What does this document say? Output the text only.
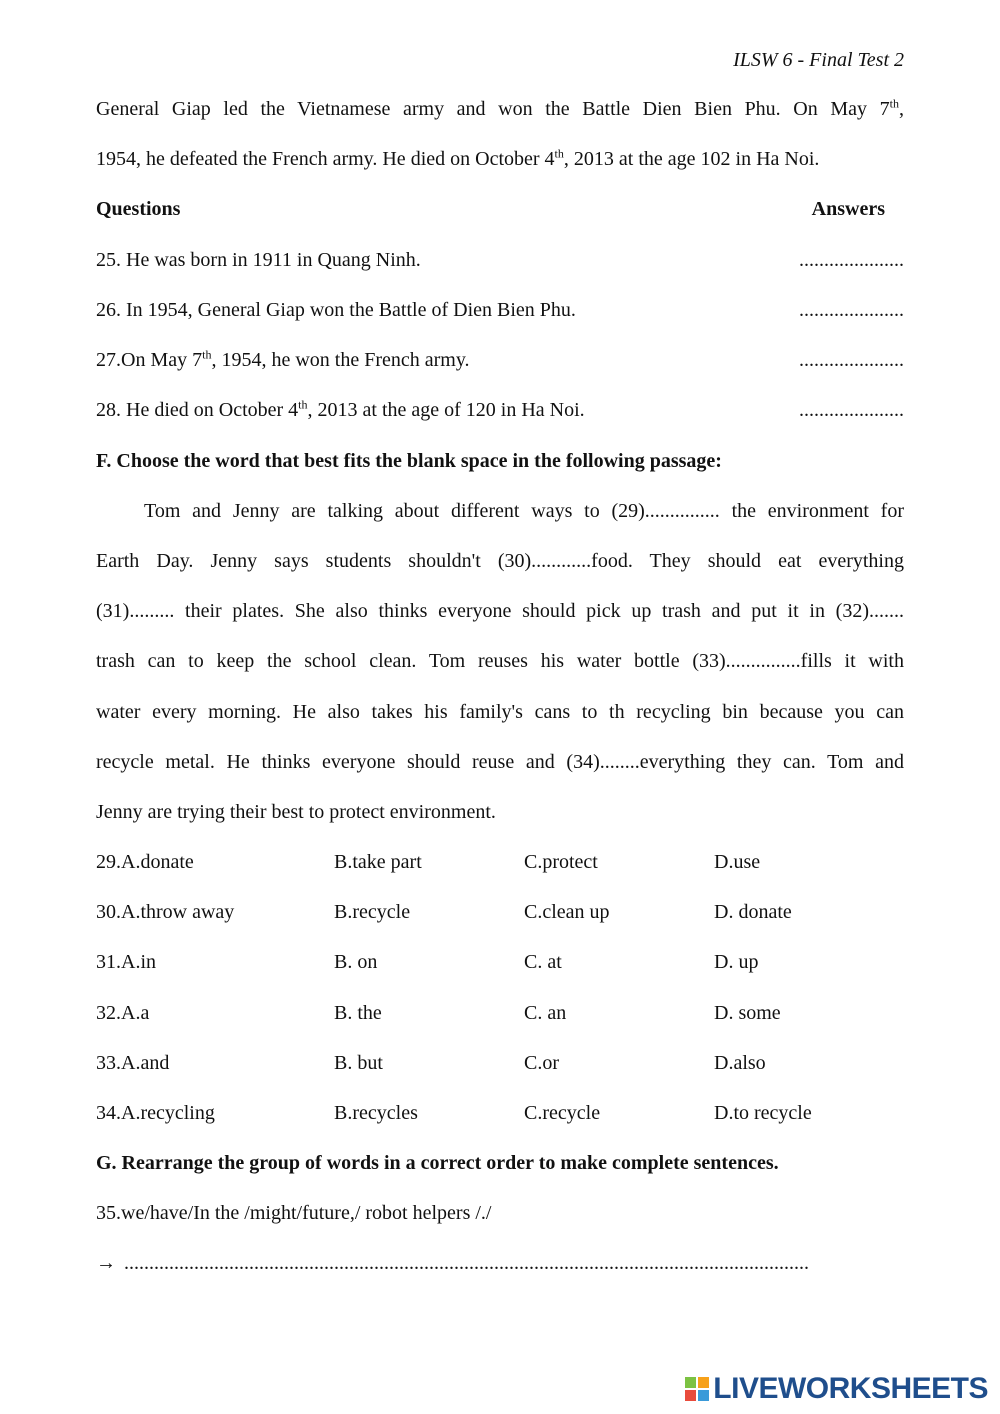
ILSW 6 - Final Test 2
General Giap led the Vietnamese army and won the Battle Dien Bien Phu. On May 7th,
1954, he defeated the French army. He died on October 4th, 2013 at the age 102 in Ha Noi.
Questions	Answers
25. He was born in 1911 in Quang Ninh.	.....................
26. In 1954, General Giap won the Battle of Dien Bien Phu.	.....................
27.On May 7th, 1954, he won the French army.	.....................
28. He died on October 4th, 2013 at the age of 120 in Ha Noi.	.....................
F. Choose the word that best fits the blank space in the following passage:
Tom and Jenny are talking about different ways to (29)............... the environment for
Earth Day. Jenny says students shouldn't (30)............food. They should eat everything
(31)......... their plates. She also thinks everyone should pick up trash and put it in (32).......
trash can to keep the school clean. Tom reuses his water bottle (33)...............fills it with
water every morning. He also takes his family's cans to th recycling bin because you can
recycle metal. He thinks everyone should reuse and (34)........everything they can. Tom and
Jenny are trying their best to protect environment.
29.A.donate	B.take part	C.protect	D.use
30.A.throw away	B.recycle	C.clean up	D. donate
31.A.in	B. on	C. at	D. up
32.A.a	B. the	C. an	D. some
33.A.and	B. but	C.or	D.also
34.A.recycling	B.recycles	C.recycle	D.to recycle
G. Rearrange the group of words in a correct order to make complete sentences.
35.we/have/In the /might/future,/ robot helpers /./
→ .........................................................................................................................................
LIVEWORKSHEETS
